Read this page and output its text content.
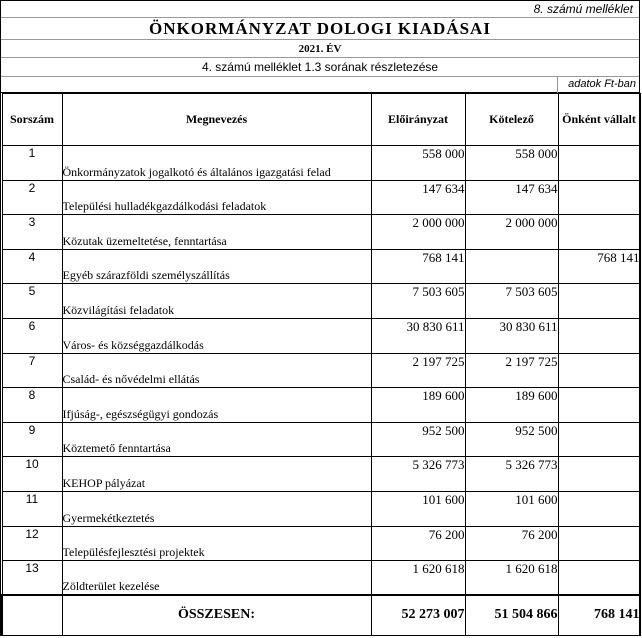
8. számú melléklet
ÖNKORMÁNYZAT DOLOGI KIADÁSAI
2021. ÉV
4. számú melléklet 1.3 sorának részletezése
adatok Ft-ban
Sorszám	Megnevezés	Előirányzat	Kötelező	Önként vállalt
1	Önkormányzatok jogalkotó és általános igazgatási felad	558 000	558 000	
2	Települési hulladékgazdálkodási feladatok	147 634	147 634	
3	Közutak üzemeltetése, fenntartása	2 000 000	2 000 000	
4	Egyéb szárazföldi személyszállítás	768 141		768 141
5	Közvilágítási feladatok	7 503 605	7 503 605	
6	Város- és községgazdálkodás	30 830 611	30 830 611	
7	Család- és nővédelmi ellátás	2 197 725	2 197 725	
8	Ifjúság-, egészségügyi gondozás	189 600	189 600	
9	Köztemető fenntartása	952 500	952 500	
10	KEHOP pályázat	5 326 773	5 326 773	
11	Gyermekétkeztetés	101 600	101 600	
12	Településfejlesztési projektek	76 200	76 200	
13	Zöldterület kezelése	1 620 618	1 620 618	
	ÖSSZESEN:	52 273 007	51 504 866	768 141
